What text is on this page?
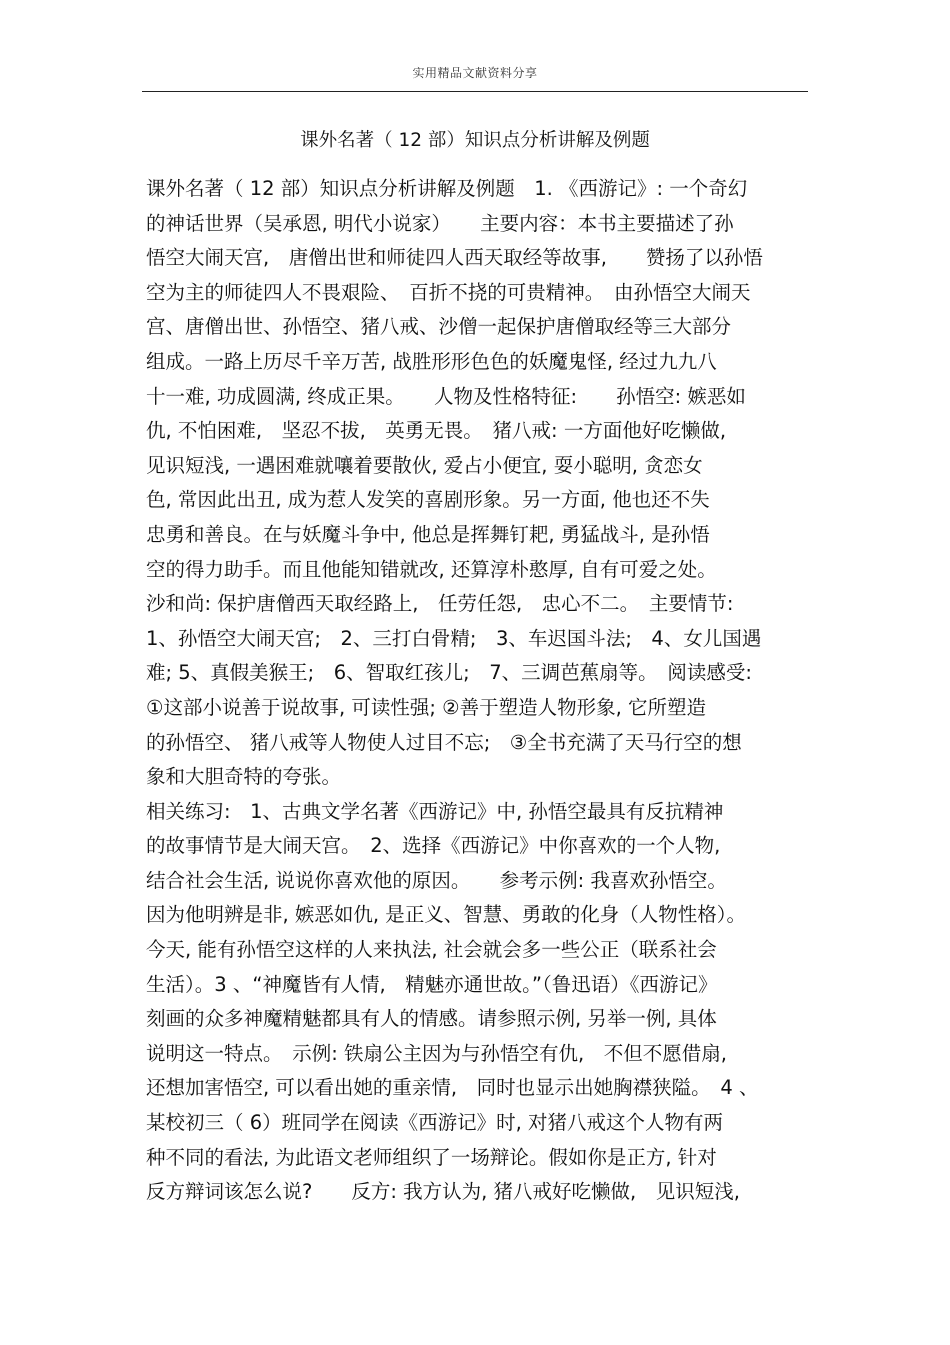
实用精品文献资料分享
课外名著（ 12 部）知识点分析讲解及例题
课外名著（ 12 部）知识点分析讲解及例题　1. 《西游记》: 一个奇幻
的神话世界（吴承恩, 明代小说家）　　主要内容：本书主要描述了孙
悟空大闹天宫,　唐僧出世和师徒四人西天取经等故事,　　赞扬了以孙悟
空为主的师徒四人不畏艰险、　百折不挠的可贵精神。　由孙悟空大闹天
宫、唐僧出世、孙悟空、猪八戒、沙僧一起保护唐僧取经等三大部分
组成。一路上历尽千辛万苦, 战胜形形色色的妖魔鬼怪, 经过九九八
十一难, 功成圆满, 终成正果。　　人物及性格特征:　　孙悟空: 嫉恶如
仇, 不怕困难,　坚忍不拔,　英勇无畏。　猪八戒: 一方面他好吃懒做,
见识短浅, 一遇困难就嚷着要散伙, 爱占小便宜, 耍小聪明, 贪恋女
色, 常因此出丑, 成为惹人发笑的喜剧形象。另一方面, 他也还不失
忠勇和善良。在与妖魔斗争中, 他总是挥舞钉耙, 勇猛战斗, 是孙悟
空的得力助手。而且他能知错就改, 还算淳朴憨厚, 自有可爱之处。
沙和尚: 保护唐僧西天取经路上,　任劳任怨,　忠心不二。　主要情节:
1、孙悟空大闹天宫;　2、三打白骨精;　3、车迟国斗法;　4、女儿国遇
难; 5、真假美猴王;　6、智取红孩儿;　7、三调芭蕉扇等。　阅读感受:
①这部小说善于说故事, 可读性强; ②善于塑造人物形象, 它所塑造
的孙悟空、 猪八戒等人物使人过目不忘;　③全书充满了天马行空的想
象和大胆奇特的夸张。
相关练习:　1、古典文学名著《西游记》中, 孙悟空最具有反抗精神
的故事情节是大闹天宫。　2、选择《西游记》中你喜欢的一个人物,
结合社会生活, 说说你喜欢他的原因。　　参考示例: 我喜欢孙悟空。
因为他明辨是非, 嫉恶如仇, 是正义、智慧、勇敢的化身（人物性格）。
今天, 能有孙悟空这样的人来执法, 社会就会多一些公正（联系社会
生活）。3 、“神魔皆有人情,　精魅亦通世故。”（鲁迅语）《西游记》
刻画的众多神魔精魅都具有人的情感。请参照示例, 另举一例, 具体
说明这一特点。　示例: 铁扇公主因为与孙悟空有仇,　不但不愿借扇,
还想加害悟空, 可以看出她的重亲情,　同时也显示出她胸襟狭隘。　4 、
某校初三（ 6）班同学在阅读《西游记》时, 对猪八戒这个人物有两
种不同的看法, 为此语文老师组织了一场辩论。假如你是正方, 针对
反方辩词该怎么说?　　反方: 我方认为, 猪八戒好吃懒做,　见识短浅,
